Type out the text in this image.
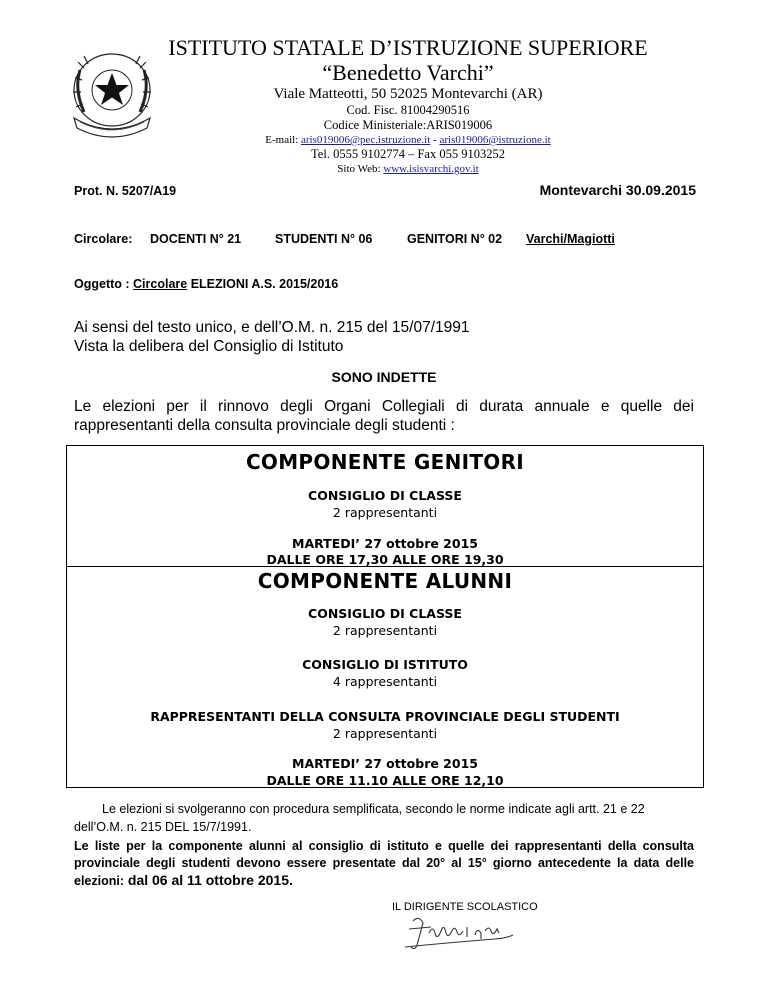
ISTITUTO STATALE D’ISTRUZIONE SUPERIORE
“Benedetto Varchi”
Viale Matteotti, 50 52025 Montevarchi (AR)
Cod. Fisc. 81004290516
Codice Ministeriale:ARIS019006
E-mail: aris019006@pec.istruzione.it - aris019006@istruzione.it
Tel. 0555 9102774 – Fax 055 9103252
Sito Web: www.isisvarchi.gov.it
Prot. N. 5207/A19	Montevarchi 30.09.2015
Circolare: DOCENTI N° 21	STUDENTI N° 06	GENITORI N° 02 Varchi/Magiotti
Oggetto : Circolare ELEZIONI A.S. 2015/2016
Ai sensi del testo unico, e dell’O.M. n. 215 del 15/07/1991
Vista la delibera del Consiglio di Istituto
SONO INDETTE
Le elezioni per il rinnovo degli Organi Collegiali di durata annuale e quelle dei rappresentanti della consulta provinciale degli studenti :
COMPONENTE GENITORI
CONSIGLIO DI CLASSE
2 rappresentanti
MARTEDI’ 27 ottobre 2015
DALLE ORE 17,30 ALLE ORE 19,30
COMPONENTE ALUNNI
CONSIGLIO DI CLASSE
2 rappresentanti
CONSIGLIO DI ISTITUTO
4 rappresentanti
RAPPRESENTANTI DELLA CONSULTA PROVINCIALE DEGLI STUDENTI
2 rappresentanti
MARTEDI’ 27 ottobre 2015
DALLE ORE 11.10 ALLE ORE 12,10
Le elezioni si svolgeranno con procedura semplificata, secondo le norme indicate agli artt. 21 e 22 dell’O.M. n. 215 DEL 15/7/1991.
Le liste per la componente alunni al consiglio di istituto e quelle dei rappresentanti della consulta provinciale degli studenti devono essere presentate dal 20° al 15° giorno antecedente la data delle elezioni: dal 06 al 11 ottobre 2015.
IL DIRIGENTE SCOLASTICO
